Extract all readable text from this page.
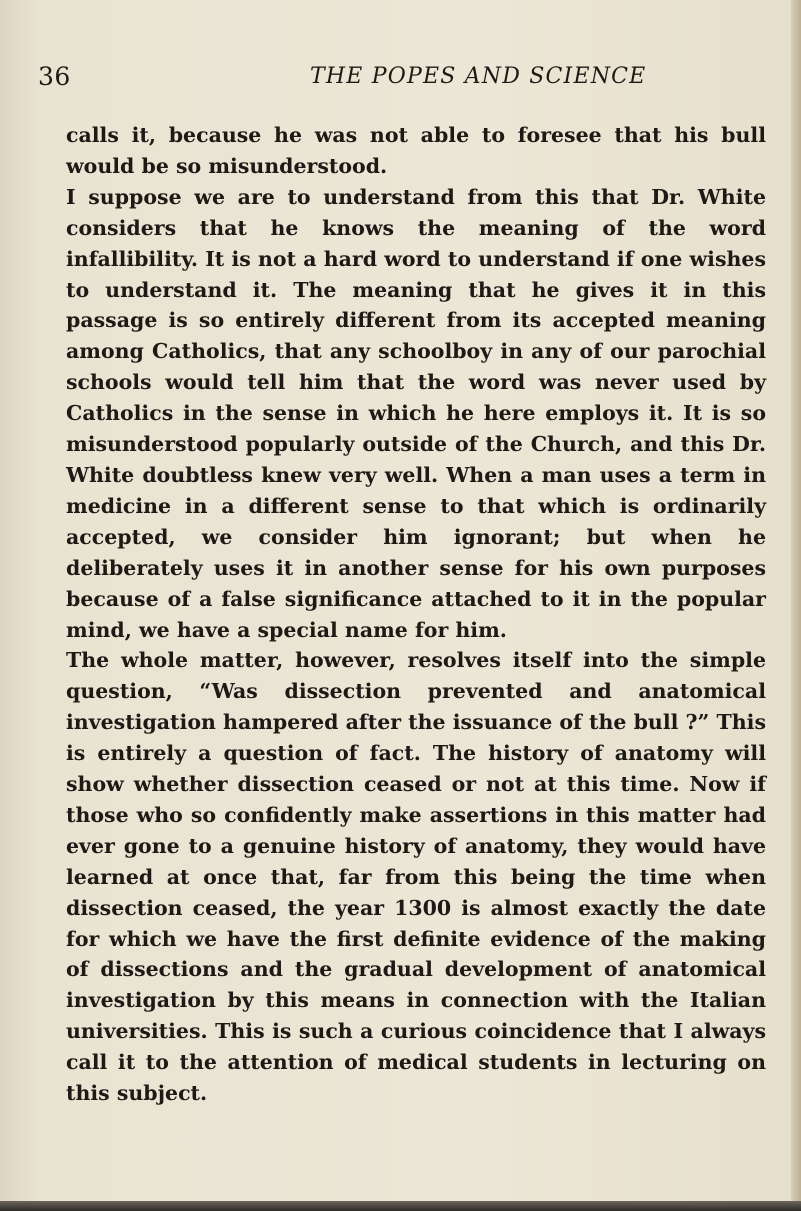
36	THE POPES AND SCIENCE

calls it, because he was not able to foresee that his bull would be so misunderstood.

I suppose we are to understand from this that Dr. White considers that he knows the meaning of the word infallibility. It is not a hard word to understand if one wishes to understand it. The meaning that he gives it in this passage is so entirely different from its accepted meaning among Catholics, that any schoolboy in any of our parochial schools would tell him that the word was never used by Catholics in the sense in which he here employs it. It is so misunderstood popularly outside of the Church, and this Dr. White doubtless knew very well. When a man uses a term in medicine in a different sense to that which is ordinarily accepted, we consider him ignorant; but when he deliberately uses it in another sense for his own purposes because of a false significance attached to it in the popular mind, we have a special name for him.

The whole matter, however, resolves itself into the simple question, “Was dissection prevented and anatomical investigation hampered after the issuance of the bull ?” This is entirely a question of fact. The history of anatomy will show whether dissection ceased or not at this time. Now if those who so confidently make assertions in this matter had ever gone to a genuine history of anatomy, they would have learned at once that, far from this being the time when dissection ceased, the year 1300 is almost exactly the date for which we have the first definite evidence of the making of dissections and the gradual development of anatomical investigation by this means in connection with the Italian universities. This is such a curious coincidence that I always call it to the attention of medical students in lecturing on this subject.
